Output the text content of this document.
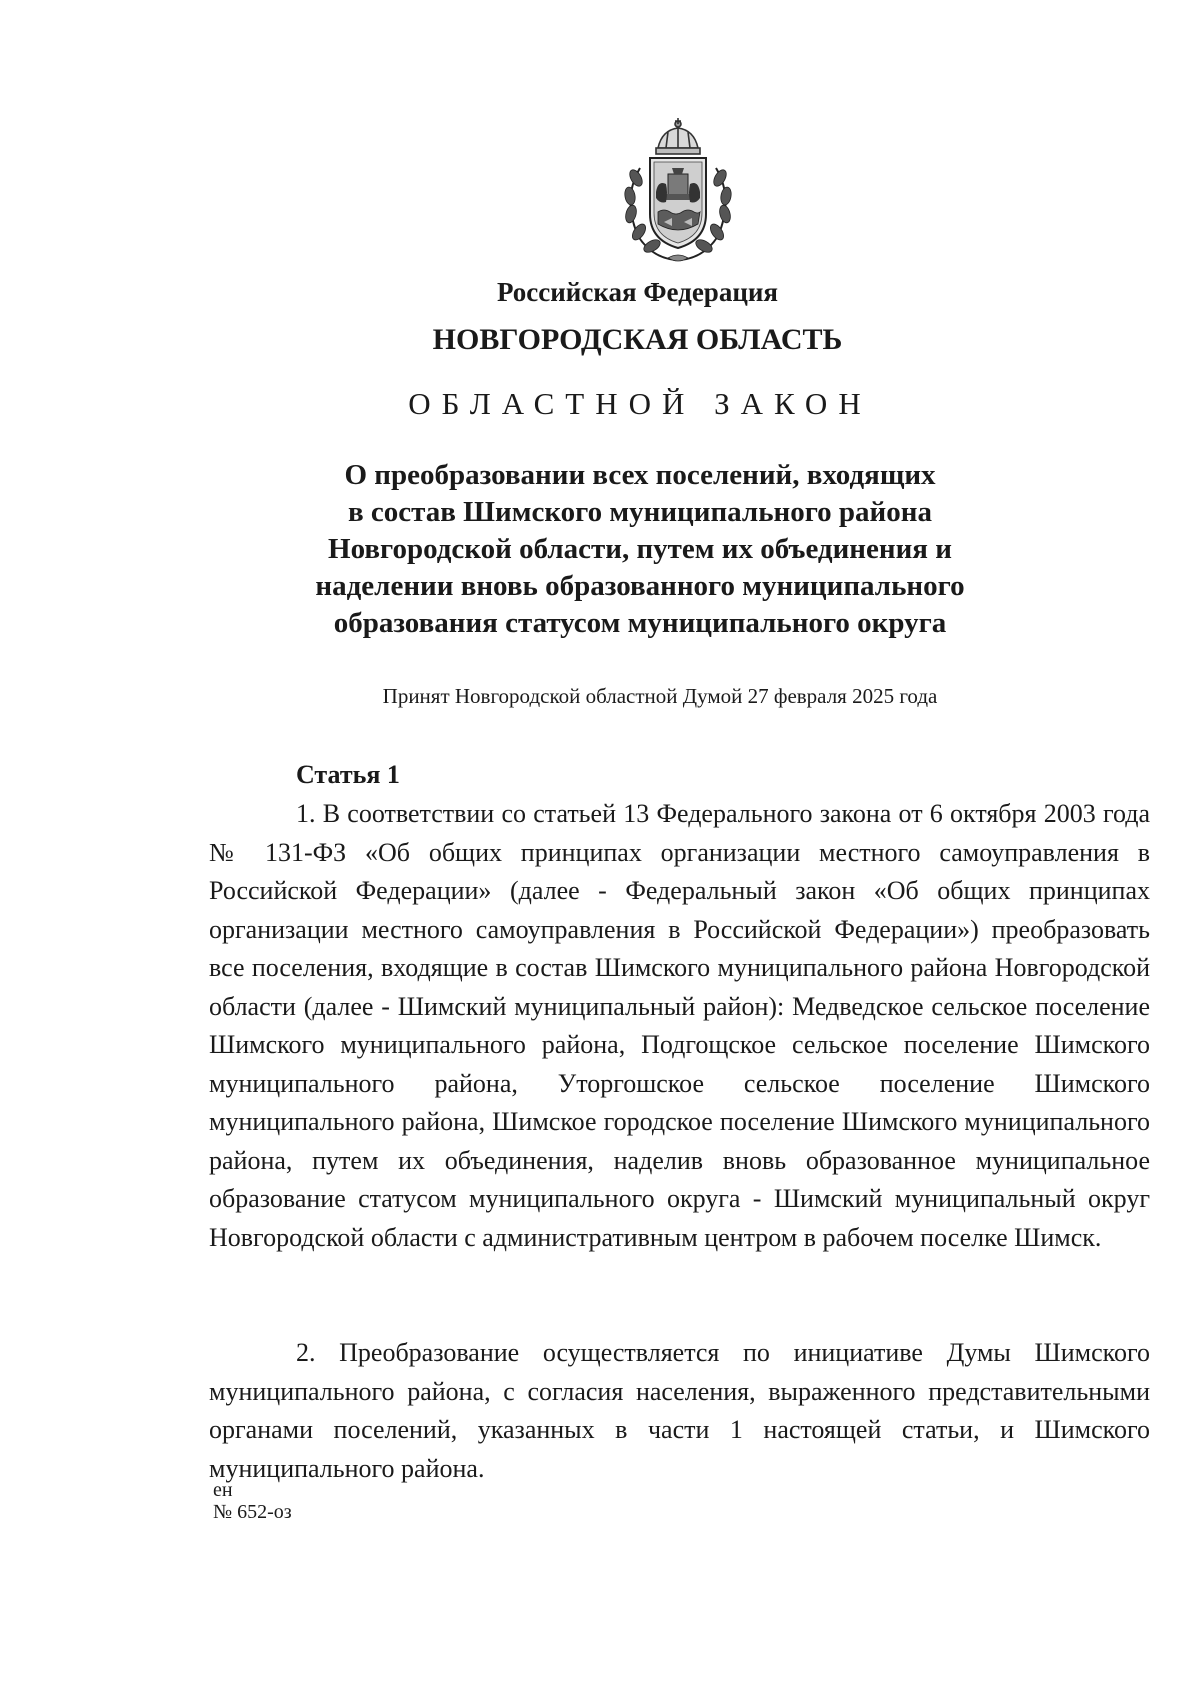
Российская Федерация

НОВГОРОДСКАЯ ОБЛАСТЬ

ОБЛАСТНОЙ ЗАКОН

О преобразовании всех поселений, входящих
в состав Шимского муниципального района
Новгородской области, путем их объединения и
наделении вновь образованного муниципального
образования статусом муниципального округа

Принят Новгородской областной Думой 27 февраля 2025 года

Статья 1

1. В соответствии со статьей 13 Федерального закона от 6 октября 2003 года № 131-ФЗ «Об общих принципах организации местного самоуправления в Российской Федерации» (далее - Федеральный закон «Об общих принципах организации местного самоуправления в Российской Федерации») преобразовать все поселения, входящие в состав Шимского муниципального района Новгородской области (далее - Шимский муниципальный район): Медведское сельское поселение Шимского муниципального района, Подгощское сельское поселение Шимского муниципального района, Уторгошское сельское поселение Шимского муниципального района, Шимское городское поселение Шимского муниципального района, путем их объединения, наделив вновь образованное муниципальное образование статусом муниципального округа - Шимский муниципальный округ Новгородской области с административным центром в рабочем поселке Шимск.

2. Преобразование осуществляется по инициативе Думы Шимского муниципального района, с согласия населения, выраженного представительными органами поселений, указанных в части 1 настоящей статьи, и Шимского муниципального района.

ен
№ 652-оз
